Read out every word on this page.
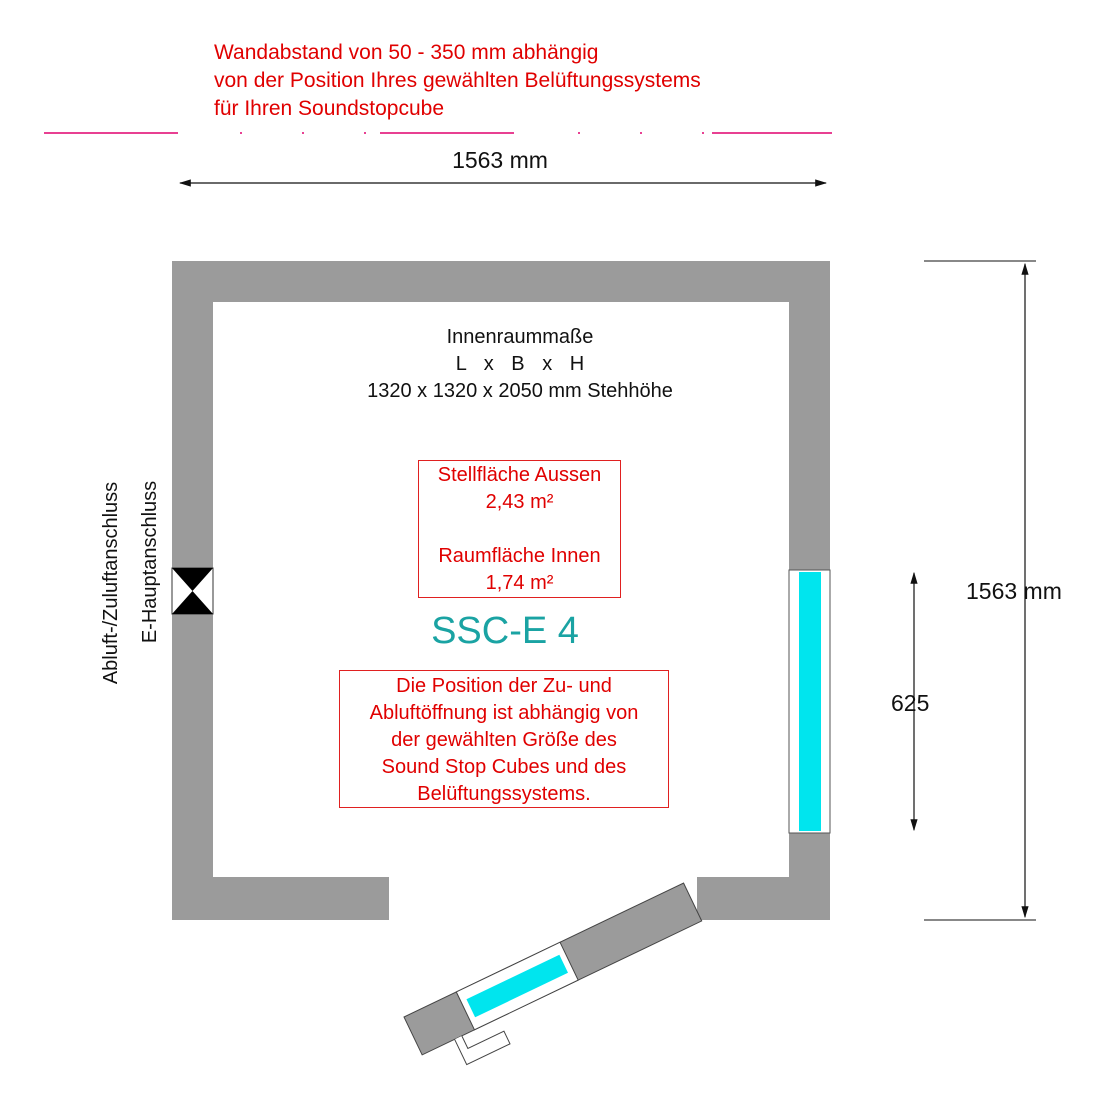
Wandabstand von 50 - 350 mm abhängig
von der Position Ihres gewählten Belüftungssystems
für Ihren Soundstopcube
1563 mm
Innenraummaße
L x B x H
1320 x 1320 x 2050 mm Stehhöhe
Stellfläche Aussen
2,43 m²
Raumfläche Innen
1,74 m²
SSC-E 4
Die Position der Zu- und
Abluftöffnung ist abhängig von
der gewählten Größe des
Sound Stop Cubes und des
Belüftungssystems.
Abluft-/Zuluftanschluss E-Hauptanschluss	1563 mm
625
